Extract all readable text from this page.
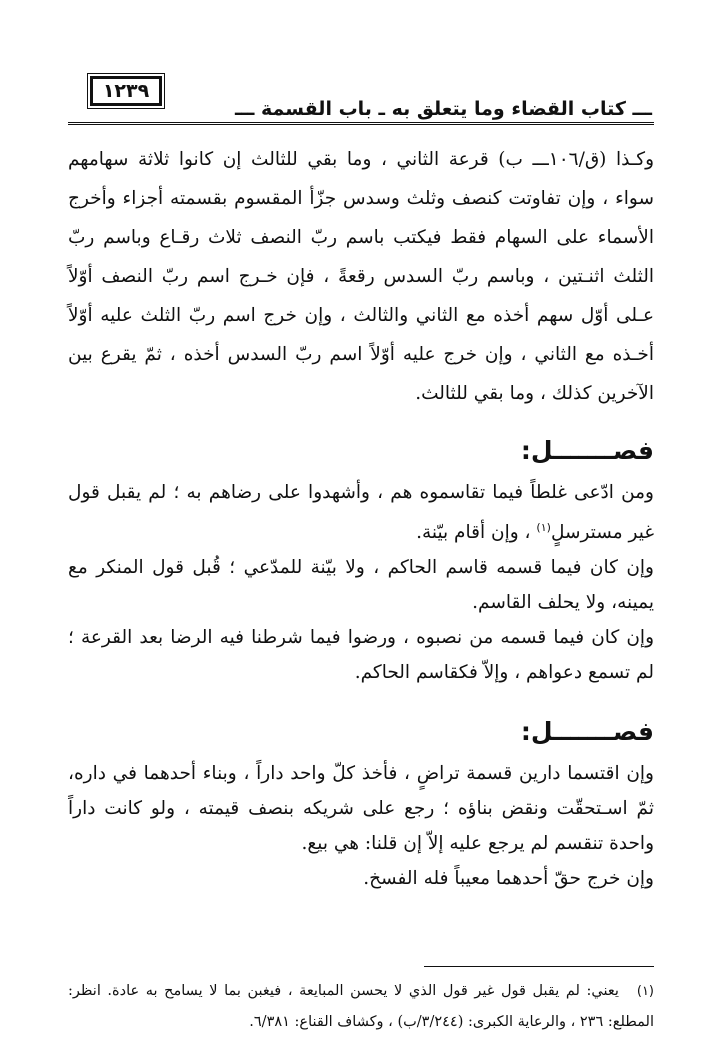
١٢٣٩
ـــ كتاب القضاء وما يتعلق به ـ باب القسمة ـــ

وكـذا (ق/١٠٦ـــ ب) قرعة الثاني ، وما بقي للثالث إن كانوا ثلاثة سهامهم سواء ، وإن تفاوتت كنصف وثلث وسدس جزّأ المقسوم بقسمته أجزاء وأخرج الأسماء على السهام فقط فيكتب باسم ربّ النصف ثلاث رقـاع وباسم ربّ الثلث اثنـتين ، وباسم ربّ السدس رقعةً ، فإن خـرج اسم ربّ النصف أوّلاً عـلى أوّل سهم أخذه مع الثاني والثالث ، وإن خرج اسم ربّ الثلث عليه أوّلاً أخـذه مع الثاني ، وإن خرج عليه أوّلاً اسم ربّ السدس أخذه ، ثمّ يقرع بين الآخرين كذلك ، وما بقي للثالث.

فصـــــــل:

ومن ادّعى غلطاً فيما تقاسموه هم ، وأشهدوا على رضاهم به ؛ لم يقبل قول غير مسترسلٍ$^{(١)}$ ، وإن أقام بيّنة.

وإن كان فيما قسمه قاسم الحاكم ، ولا بيّنة للمدّعي ؛ قُبل قول المنكر مع يمينه، ولا يحلف القاسم.

وإن كان فيما قسمه من نصبوه ، ورضوا فيما شرطنا فيه الرضا بعد القرعة ؛ لم تسمع دعواهم ، وإلاّ فكقاسم الحاكم.

فصـــــــل:

وإن اقتسما دارين قسمة تراضٍ ، فأخذ كلّ واحد داراً ، وبناء أحدهما في داره، ثمّ اسـتحقّت ونقض بناؤه ؛ رجع على شريكه بنصف قيمته ، ولو كانت داراً واحدة تنقسم لم يرجع عليه إلاّ إن قلنا: هي بيع.

وإن خرج حقّ أحدهما معيباً فله الفسخ.

(١)يعني: لم يقبل قول غير قول الذي لا يحسن المبايعة ، فيغبن بما لا يسامح به عادة. انظر: المطلع: ٢٣٦ ، والرعاية الكبرى: (٣/٢٤٤/ب) ، وكشاف القناع: ٦/٣٨١.
